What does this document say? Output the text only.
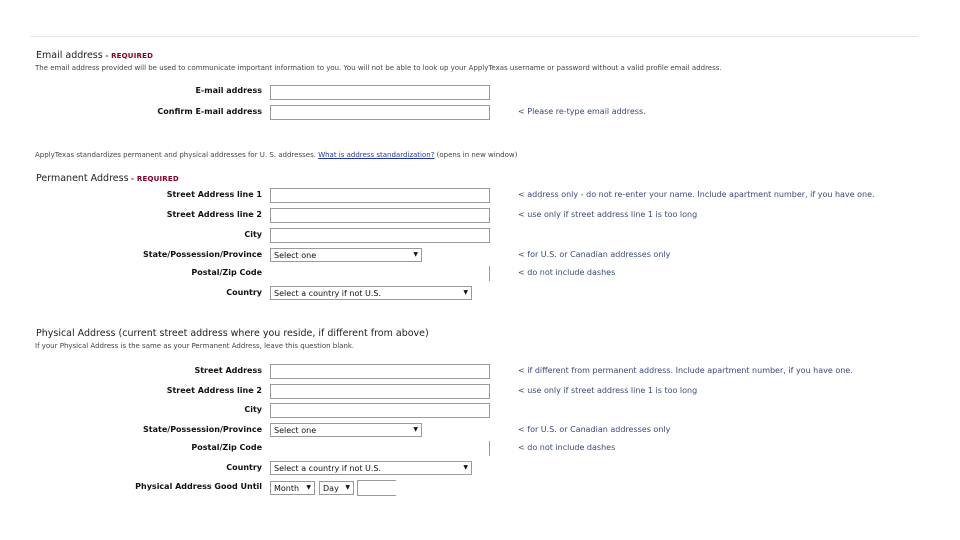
Email address - REQUIRED
The email address provided will be used to communicate important information to you. You will not be able to look up your ApplyTexas username or password without a valid profile email address.
E-mail address
Confirm E-mail address	< Please re-type email address.
ApplyTexas standardizes permanent and physical addresses for U. S. addresses. What is address standardization? (opens in new window)
Permanent Address - REQUIRED
Street Address line 1	< address only - do not re-enter your name. Include apartment number, if you have one.
Street Address line 2	< use only if street address line 1 is too long
City
State/Possession/Province	Select one	▼	< for U.S. or Canadian addresses only
Postal/Zip Code	< do not include dashes
Country	Select a country if not U.S.	▼
Physical Address (current street address where you reside, if different from above)
If your Physical Address is the same as your Permanent Address, leave this question blank.
Street Address	< if different from permanent address. Include apartment number, if you have one.
Street Address line 2	< use only if street address line 1 is too long
City
State/Possession/Province	Select one	▼	< for U.S. or Canadian addresses only
Postal/Zip Code	< do not include dashes
Country	Select a country if not U.S.	▼
Physical Address Good Until	Month ▼	Day ▼
